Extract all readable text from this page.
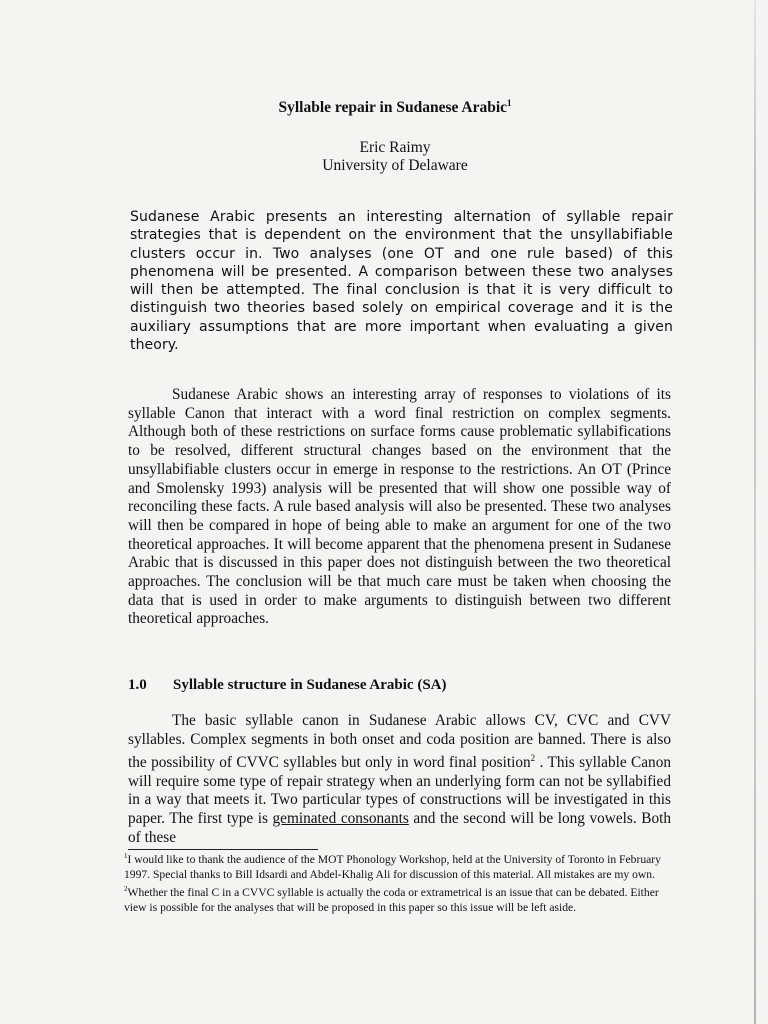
Syllable repair in Sudanese Arabic$^1$
Eric Raimy
University of Delaware
Sudanese Arabic presents an interesting alternation of syllable repair strategies that is dependent on the environment that the unsyllabifiable clusters occur in. Two analyses (one OT and one rule based) of this phenomena will be presented. A comparison between these two analyses will then be attempted. The final conclusion is that it is very difficult to distinguish two theories based solely on empirical coverage and it is the auxiliary assumptions that are more important when evaluating a given theory.
Sudanese Arabic shows an interesting array of responses to violations of its syllable Canon that interact with a word final restriction on complex segments. Although both of these restrictions on surface forms cause problematic syllabifications to be resolved, different structural changes based on the environment that the unsyllabifiable clusters occur in emerge in response to the restrictions. An OT (Prince and Smolensky 1993) analysis will be presented that will show one possible way of reconciling these facts. A rule based analysis will also be presented. These two analyses will then be compared in hope of being able to make an argument for one of the two theoretical approaches. It will become apparent that the phenomena present in Sudanese Arabic that is discussed in this paper does not distinguish between the two theoretical approaches. The conclusion will be that much care must be taken when choosing the data that is used in order to make arguments to distinguish between two different theoretical approaches.
1.0 Syllable structure in Sudanese Arabic (SA)
The basic syllable canon in Sudanese Arabic allows CV, CVC and CVV syllables. Complex segments in both onset and coda position are banned. There is also the possibility of CVVC syllables but only in word final position$^2$ . This syllable Canon will require some type of repair strategy when an underlying form can not be syllabified in a way that meets it. Two particular types of constructions will be investigated in this paper. The first type is geminated consonants and the second will be long vowels. Both of these

$^1$I would like to thank the audience of the MOT Phonology Workshop, held at the University of Toronto in February 1997. Special thanks to Bill Idsardi and Abdel-Khalig Ali for discussion of this material. All mistakes are my own.

$^2$Whether the final C in a CVVC syllable is actually the coda or extrametrical is an issue that can be debated. Either view is possible for the analyses that will be proposed in this paper so this issue will be left aside.
